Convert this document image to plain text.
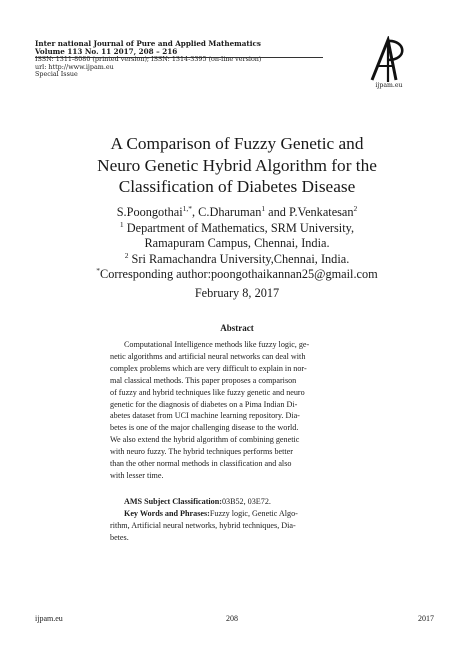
Inter national Journal of Pure and Applied Mathematics
Volume 113 No. 11 2017, 208 – 216
ISSN: 1311-8080 (printed version); ISSN: 1314-3395 (on-line version)
url: http://www.ijpam.eu
Special Issue
ijpam.eu
A Comparison of Fuzzy Genetic and
Neuro Genetic Hybrid Algorithm for the
Classification of Diabetes Disease
S.Poongothai$^{1,*}$, C.Dharuman$^1$ and P.Venkatesan$^2$
$^1$ Department of Mathematics, SRM University,
Ramapuram Campus, Chennai, India.
$^2$ Sri Ramachandra University,Chennai, India.
*Corresponding author:poongothaikannan25@gmail.com
February 8, 2017
Abstract
Computational Intelligence methods like fuzzy logic, ge-
netic algorithms and artificial neural networks can deal with
complex problems which are very difficult to explain in nor-
mal classical methods. This paper proposes a comparison
of fuzzy and hybrid techniques like fuzzy genetic and neuro
genetic for the diagnosis of diabetes on a Pima Indian Di-
abetes dataset from UCI machine learning repository. Dia-
betes is one of the major challenging disease to the world.
We also extend the hybrid algorithm of combining genetic
with neuro fuzzy. The hybrid techniques performs better
than the other normal methods in classification and also
with lesser time.
AMS Subject Classification:03B52, 03E72.
Key Words and Phrases:Fuzzy logic, Genetic Algo-
rithm, Artificial neural networks, hybrid techniques, Dia-
betes.
ijpam.eu	208	2017
